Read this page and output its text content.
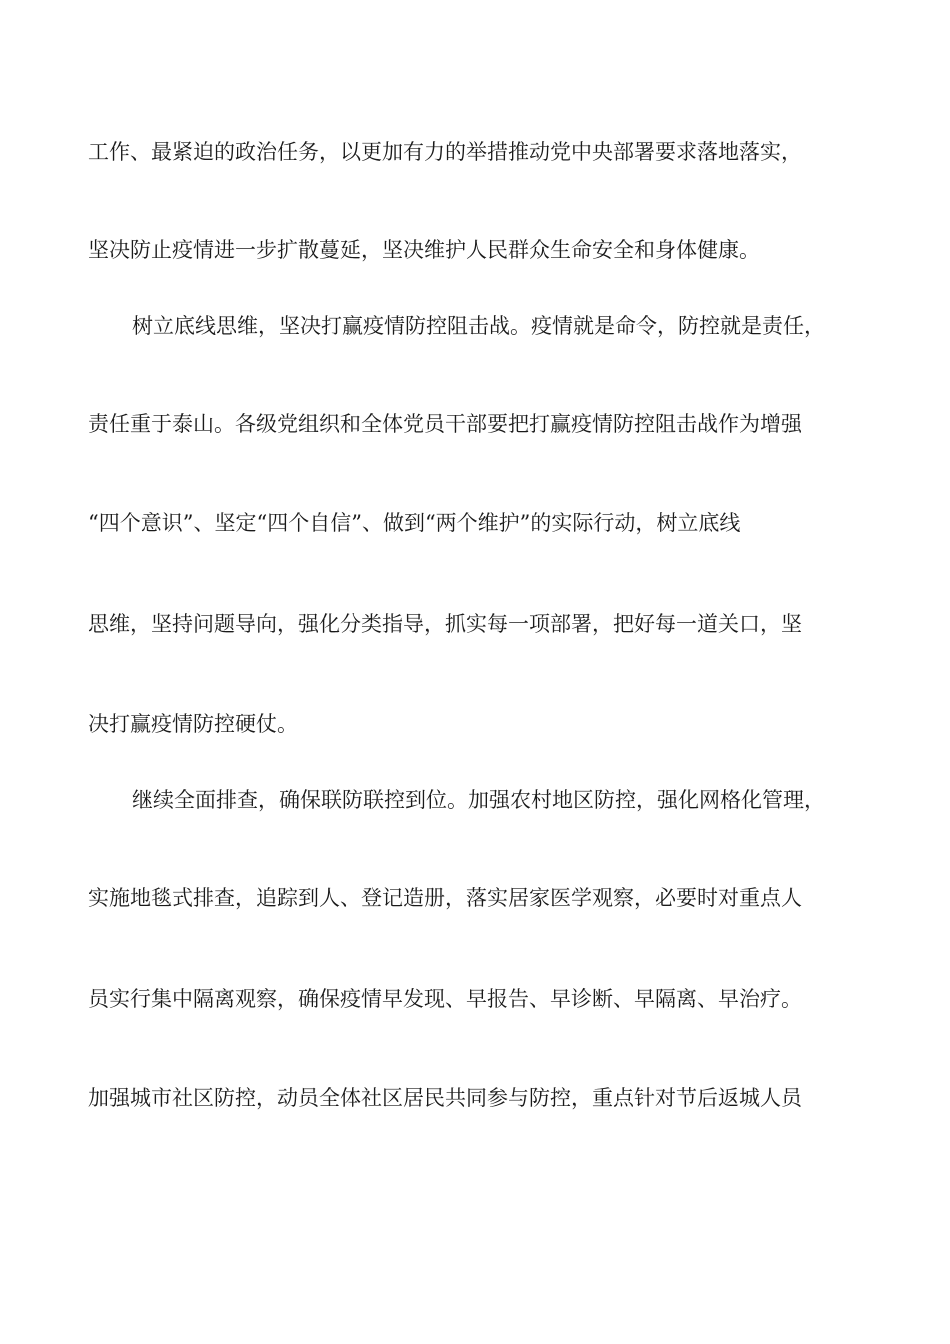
工作、最紧迫的政治任务，以更加有力的举措推动党中央部署要求落地落实，
坚决防止疫情进一步扩散蔓延，坚决维护人民群众生命安全和身体健康。
树立底线思维，坚决打赢疫情防控阻击战。疫情就是命令，防控就是责任，
责任重于泰山。各级党组织和全体党员干部要把打赢疫情防控阻击战作为增强
“四个意识”、坚定“四个自信”、做到“两个维护”的实际行动，树立底线
思维，坚持问题导向，强化分类指导，抓实每一项部署，把好每一道关口，坚
决打赢疫情防控硬仗。
继续全面排查，确保联防联控到位。加强农村地区防控，强化网格化管理，
实施地毯式排查，追踪到人、登记造册，落实居家医学观察，必要时对重点人
员实行集中隔离观察，确保疫情早发现、早报告、早诊断、早隔离、早治疗。
加强城市社区防控，动员全体社区居民共同参与防控，重点针对节后返城人员
